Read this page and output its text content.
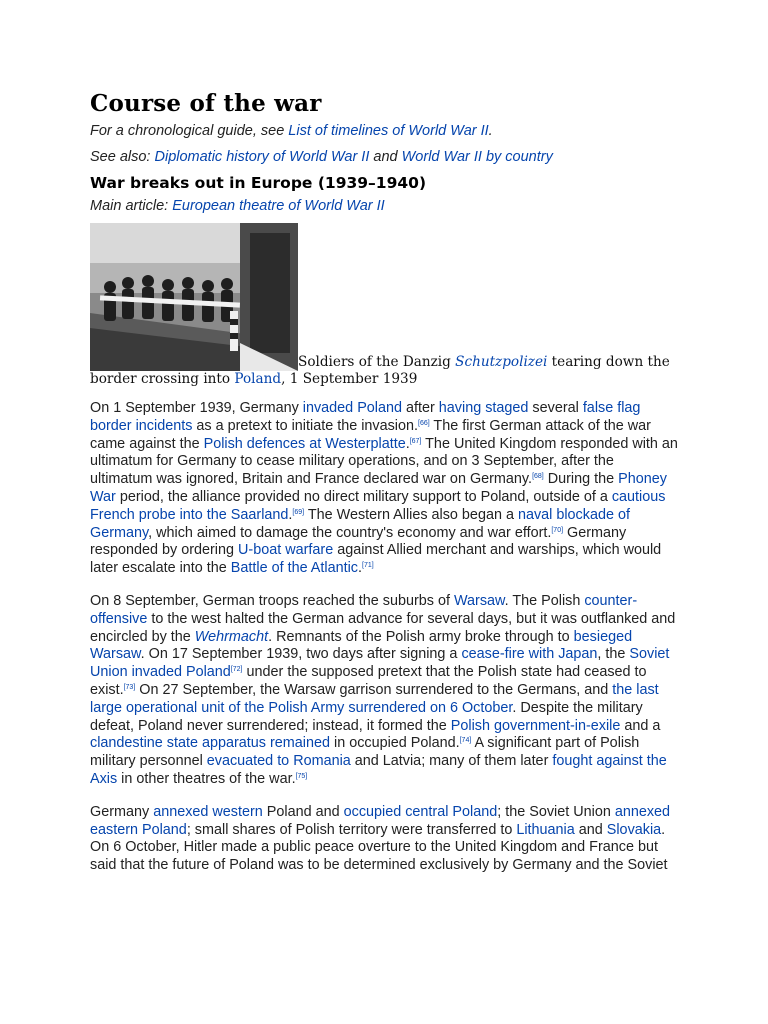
Course of the war
For a chronological guide, see List of timelines of World War II.
See also: Diplomatic history of World War II and World War II by country
War breaks out in Europe (1939–1940)
Main article: European theatre of World War II
Soldiers of the Danzig Schutzpolizei tearing down the border crossing into Poland, 1 September 1939

On 1 September 1939, Germany invaded Poland after having staged several false flag border incidents as a pretext to initiate the invasion.[66] The first German attack of the war came against the Polish defences at Westerplatte.[67] The United Kingdom responded with an ultimatum for Germany to cease military operations, and on 3 September, after the ultimatum was ignored, Britain and France declared war on Germany.[68] During the Phoney War period, the alliance provided no direct military support to Poland, outside of a cautious French probe into the Saarland.[69] The Western Allies also began a naval blockade of Germany, which aimed to damage the country's economy and war effort.[70] Germany responded by ordering U-boat warfare against Allied merchant and warships, which would later escalate into the Battle of the Atlantic.[71]

On 8 September, German troops reached the suburbs of Warsaw. The Polish counter-offensive to the west halted the German advance for several days, but it was outflanked and encircled by the Wehrmacht. Remnants of the Polish army broke through to besieged Warsaw. On 17 September 1939, two days after signing a cease-fire with Japan, the Soviet Union invaded Poland[72] under the supposed pretext that the Polish state had ceased to exist.[73] On 27 September, the Warsaw garrison surrendered to the Germans, and the last large operational unit of the Polish Army surrendered on 6 October. Despite the military defeat, Poland never surrendered; instead, it formed the Polish government-in-exile and a clandestine state apparatus remained in occupied Poland.[74] A significant part of Polish military personnel evacuated to Romania and Latvia; many of them later fought against the Axis in other theatres of the war.[75]

Germany annexed western Poland and occupied central Poland; the Soviet Union annexed eastern Poland; small shares of Polish territory were transferred to Lithuania and Slovakia. On 6 October, Hitler made a public peace overture to the United Kingdom and France but said that the future of Poland was to be determined exclusively by Germany and the Soviet
